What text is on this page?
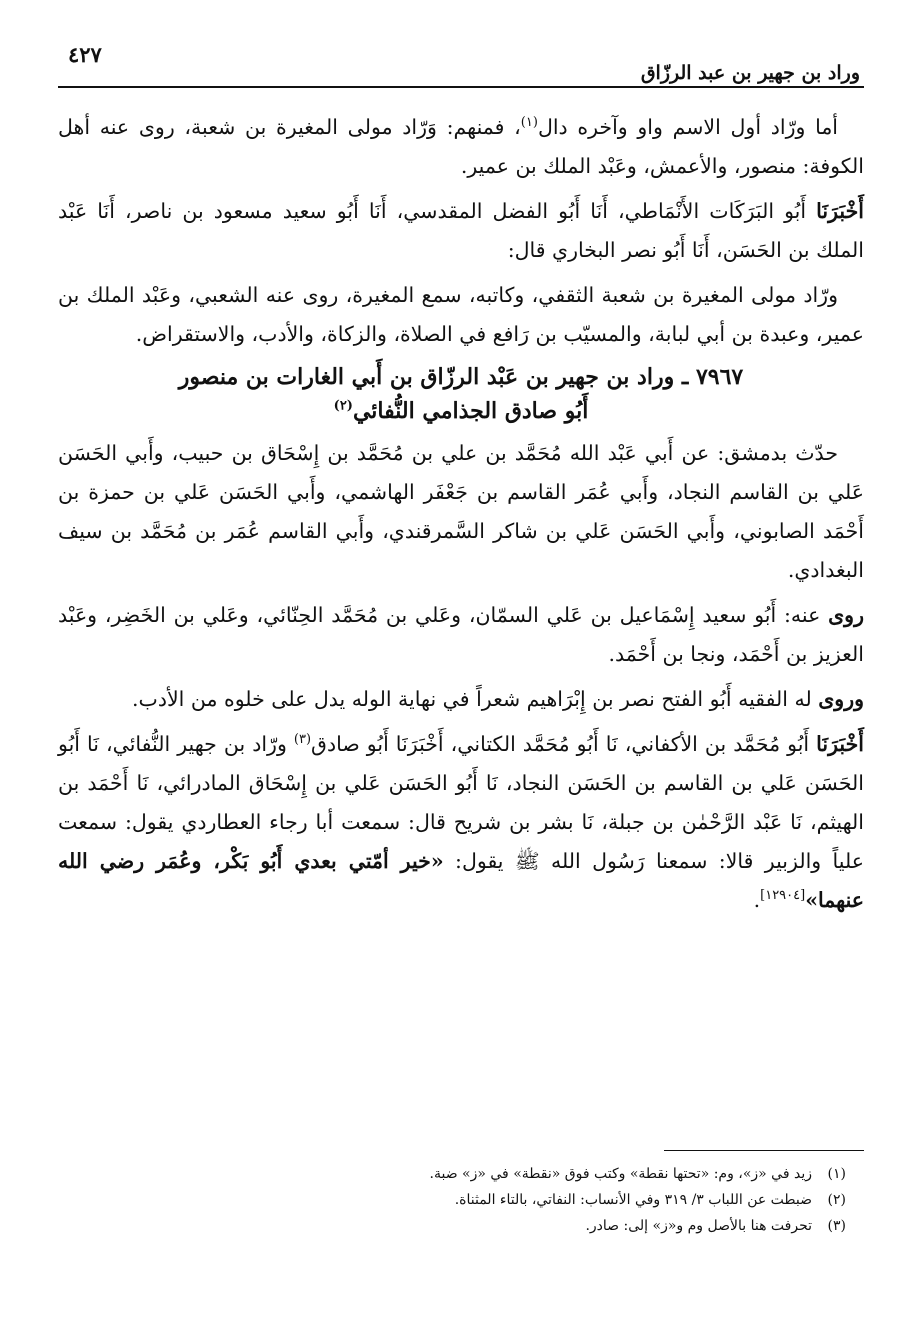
وراد بن جهير بن عبد الرزّاق
٤٢٧

أما ورّاد أول الاسم واو وآخره دال$^{(١)}$، فمنهم: وَرّاد مولى المغيرة بن شعبة، روى عنه أهل الكوفة: منصور، والأعمش، وعَبْد الملك بن عمير.

أَخْبَرَنَا أَبُو البَرَكَات الأَنْمَاطي، أَنَا أَبُو الفضل المقدسي، أَنَا أَبُو سعيد مسعود بن ناصر، أَنَا عَبْد الملك بن الحَسَن، أَنَا أَبُو نصر البخاري قال:

ورّاد مولى المغيرة بن شعبة الثقفي، وكاتبه، سمع المغيرة، روى عنه الشعبي، وعَبْد الملك بن عمير، وعبدة بن أبي لبابة، والمسيّب بن رَافع في الصلاة، والزكاة، والأدب، والاستقراض.

٧٩٦٧ ـ وراد بن جهير بن عَبْد الرزّاق بن أَبي الغارات بن منصور
أَبُو صادق الجذامي النُّفائي$^{(٢)}$

حدّث بدمشق: عن أَبي عَبْد الله مُحَمَّد بن علي بن مُحَمَّد بن إِسْحَاق بن حبيب، وأَبي الحَسَن عَلي بن القاسم النجاد، وأَبي عُمَر القاسم بن جَعْفَر الهاشمي، وأَبي الحَسَن عَلي بن حمزة بن أَحْمَد الصابوني، وأَبي الحَسَن عَلي بن شاكر السَّمرقندي، وأَبي القاسم عُمَر بن مُحَمَّد بن سيف البغدادي.

روى عنه: أَبُو سعيد إِسْمَاعيل بن عَلي السمّان، وعَلي بن مُحَمَّد الحِنّائي، وعَلي بن الخَضِر، وعَبْد العزيز بن أَحْمَد، ونجا بن أَحْمَد.

وروى له الفقيه أَبُو الفتح نصر بن إِبْرَاهيم شعراً في نهاية الوله يدل على خلوه من الأدب.

أَخْبَرَنَا أَبُو مُحَمَّد بن الأكفاني، نَا أَبُو مُحَمَّد الكتاني، أَخْبَرَنَا أَبُو صادق$^{(٣)}$ ورّاد بن جهير النُّفائي، نَا أَبُو الحَسَن عَلي بن القاسم بن الحَسَن النجاد، نَا أَبُو الحَسَن عَلي بن إِسْحَاق المادرائي، نَا أَحْمَد بن الهيثم، نَا عَبْد الرَّحْمٰن بن جبلة، نَا بشر بن شريح قال: سمعت أبا رجاء العطاردي يقول: سمعت علياً والزبير قالا: سمعنا رَسُول الله ﷺ يقول: «خير أمّتي بعدي أَبُو بَكْر، وعُمَر رضي الله عنهما»[١٢٩٠٤].

(١)زيد في «ز»، وم: «تحتها نقطة» وكتب فوق «نقطة» في «ز» ضبة.
(٢)ضبطت عن اللباب ٣/ ٣١٩ وفي الأنساب: النفاتي، بالتاء المثناة.
(٣)تحرفت هنا بالأصل وم و«ز» إلى: صادر.
